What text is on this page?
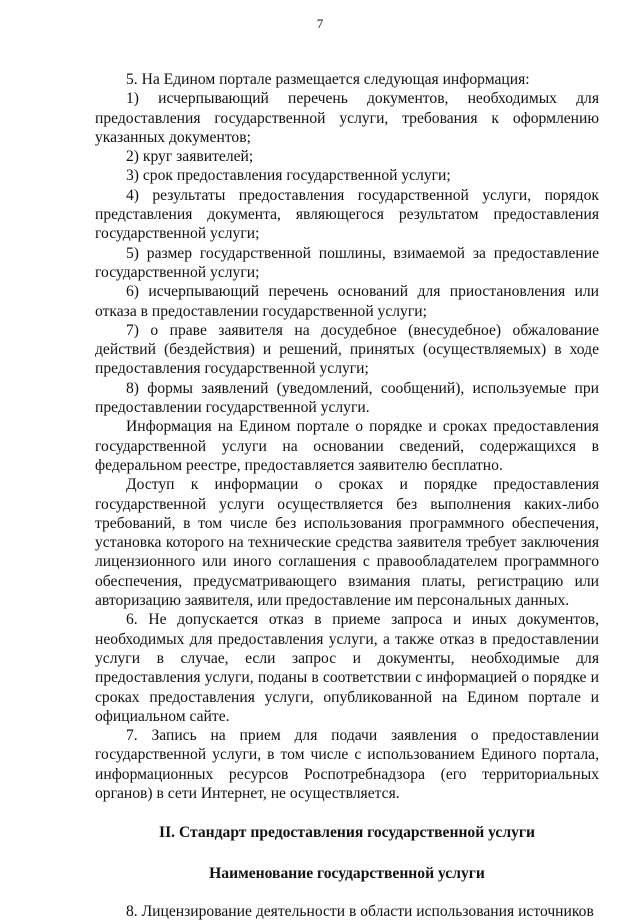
7

5. На Едином портале размещается следующая информация:

1) исчерпывающий перечень документов, необходимых для предоставления государственной услуги, требования к оформлению указанных документов;

2) круг заявителей;

3) срок предоставления государственной услуги;

4) результаты предоставления государственной услуги, порядок представления документа, являющегося результатом предоставления государственной услуги;

5) размер государственной пошлины, взимаемой за предоставление государственной услуги;

6) исчерпывающий перечень оснований для приостановления или отказа в предоставлении государственной услуги;

7) о праве заявителя на досудебное (внесудебное) обжалование действий (бездействия) и решений, принятых (осуществляемых) в ходе предоставления государственной услуги;

8) формы заявлений (уведомлений, сообщений), используемые при предоставлении государственной услуги.

Информация на Едином портале о порядке и сроках предоставления государственной услуги на основании сведений, содержащихся в федеральном реестре, предоставляется заявителю бесплатно.

Доступ к информации о сроках и порядке предоставления государственной услуги осуществляется без выполнения каких-либо требований, в том числе без использования программного обеспечения, установка которого на технические средства заявителя требует заключения лицензионного или иного соглашения с правообладателем программного обеспечения, предусматривающего взимания платы, регистрацию или авторизацию заявителя, или предоставление им персональных данных.

6. Не допускается отказ в приеме запроса и иных документов, необходимых для предоставления услуги, а также отказ в предоставлении услуги в случае, если запрос и документы, необходимые для предоставления услуги, поданы в соответствии с информацией о порядке и сроках предоставления услуги, опубликованной на Едином портале и официальном сайте.

7. Запись на прием для подачи заявления о предоставлении государственной услуги, в том числе с использованием Единого портала, информационных ресурсов Роспотребнадзора (его территориальных органов) в сети Интернет, не осуществляется.

II. Стандарт предоставления государственной услуги

Наименование государственной услуги

8. Лицензирование деятельности в области использования источников
